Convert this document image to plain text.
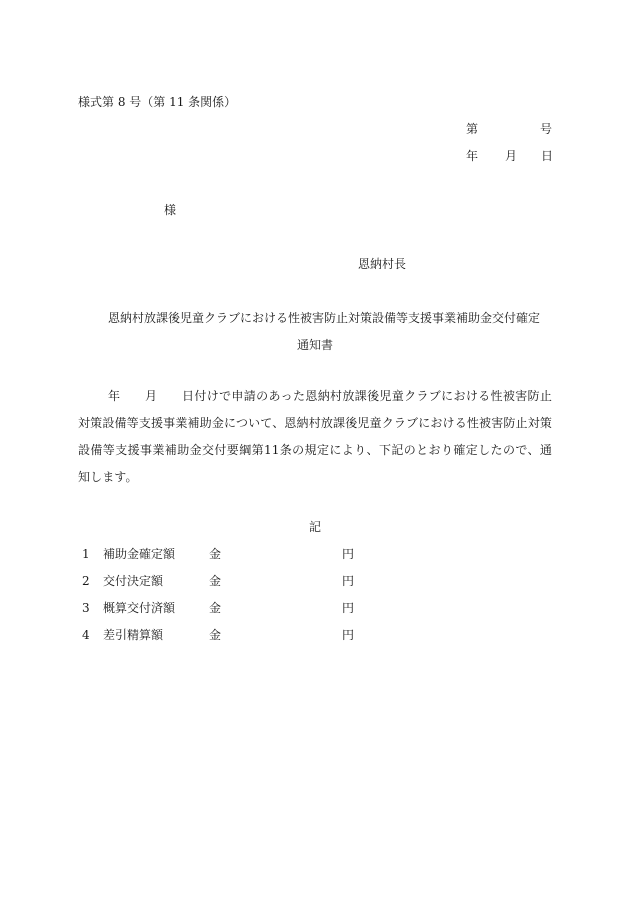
様式第 8 号（第 11 条関係）
第	号
年 月 日
様
恩納村長
恩納村放課後児童クラブにおける性被害防止対策設備等支援事業補助金交付確定
通知書
年　　月　　日付けで申請のあった恩納村放課後児童クラブにおける性被害防止対策設備等支援事業補助金について、恩納村放課後児童クラブにおける性被害防止対策設備等支援事業補助金交付要綱第11条の規定により、下記のとおり確定したので、通知します。
記
1 補助金確定額	金	円
2 交付決定額	金	円
3 概算交付済額	金	円
4 差引精算額	金	円
